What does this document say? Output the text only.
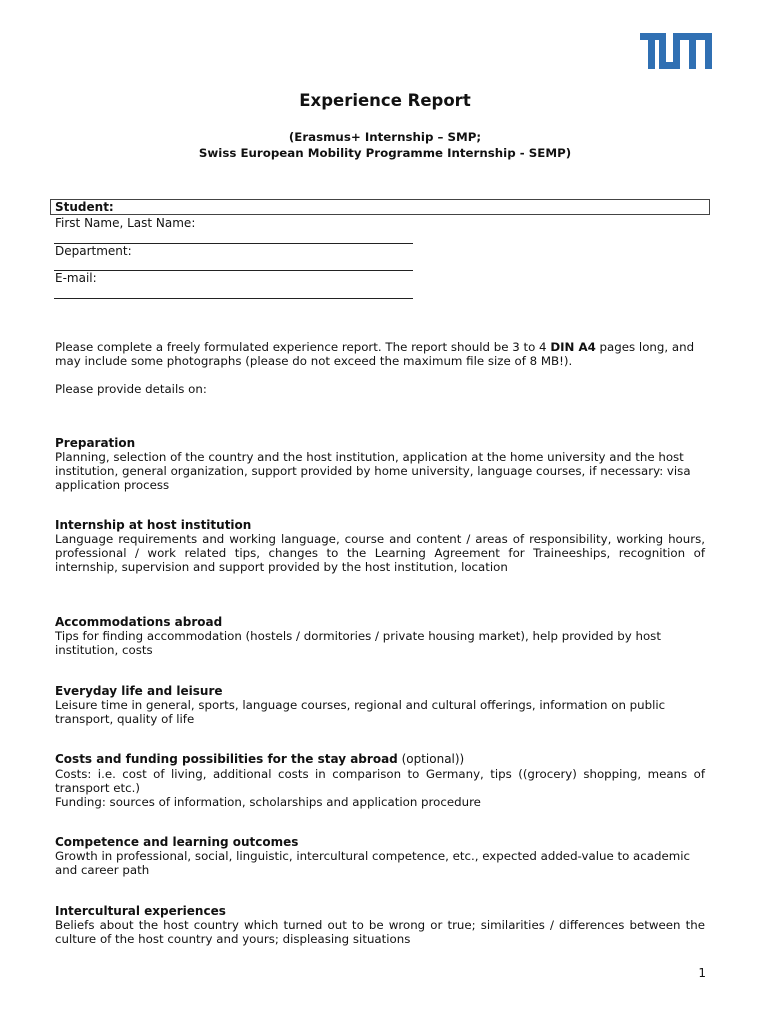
Experience Report
(Erasmus+ Internship – SMP;
Swiss European Mobility Programme Internship - SEMP)
Student:
First Name, Last Name:
Department:
E-mail:

Please complete a freely formulated experience report. The report should be 3 to 4 DIN A4 pages long, and may include some photographs (please do not exceed the maximum file size of 8 MB!).

Please provide details on:

Preparation

Planning, selection of the country and the host institution, application at the home university and the host institution, general organization, support provided by home university, language courses, if necessary: visa application process

Internship at host institution

Language requirements and working language, course and content / areas of responsibility, working hours, professional / work related tips, changes to the Learning Agreement for Traineeships, recognition of internship, supervision and support provided by the host institution, location

Accommodations abroad

Tips for finding accommodation (hostels / dormitories / private housing market), help provided by host institution, costs

Everyday life and leisure

Leisure time in general, sports, language courses, regional and cultural offerings, information on public transport, quality of life

Costs and funding possibilities for the stay abroad (optional))

Costs: i.e. cost of living, additional costs in comparison to Germany, tips ((grocery) shopping, means of transport etc.)

Funding: sources of information, scholarships and application procedure

Competence and learning outcomes

Growth in professional, social, linguistic, intercultural competence, etc., expected added-value to academic and career path

Intercultural experiences

Beliefs about the host country which turned out to be wrong or true; similarities / differences between the culture of the host country and yours; displeasing situations

1
